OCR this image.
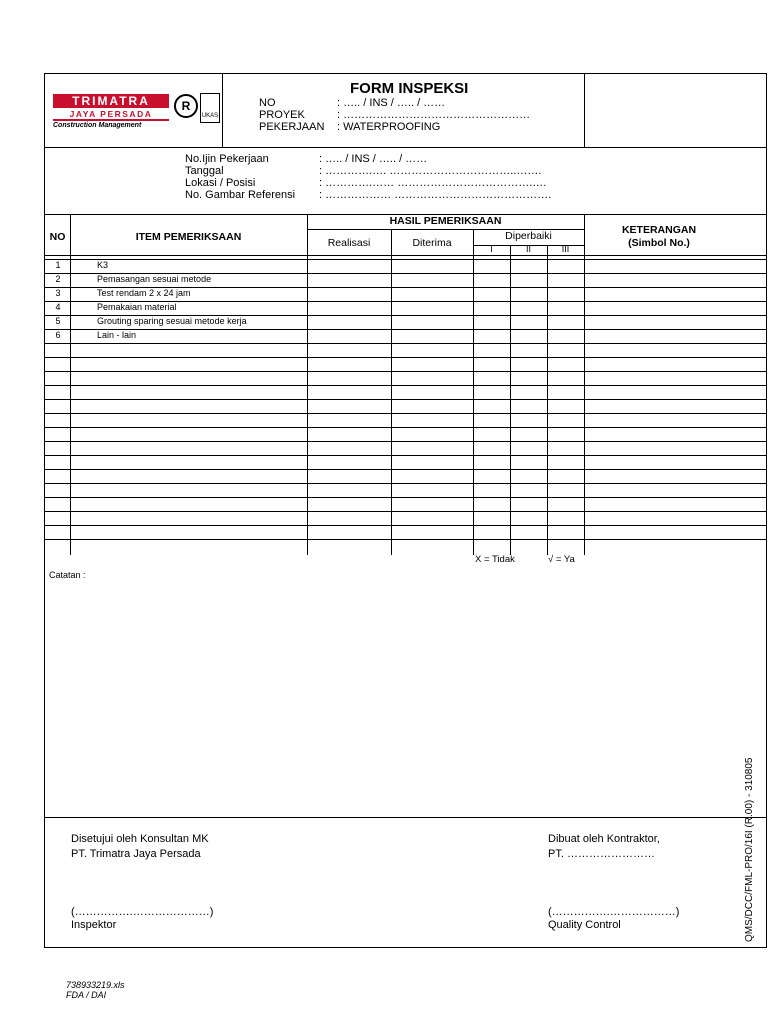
TRIMATRA
JAYA PERSADA
Construction Management
R
UKAS
FORM INSPEKSI
NO	: ….. / INS / ….. / ……
PROYEK	: ……………………………………………
PEKERJAAN : WATERPROOFING
No.Ijin Pekerjaan	: ….. / INS / ….. / ……
Tanggal	: ………….…. ……………………………..…….
Lokasi / Posisi	: ………….…… ……………………………….….
No. Gambar Referensi : ……………… …………………………………….
NO	ITEM PEMERIKSAAN
HASIL PEMERIKSAAN
Realisasi	Diterima
Diperbaiki
I	II	III
KETERANGAN
(Simbol No.)
1	K3
2	Pemasangan sesuai metode
3	Test rendam 2 x 24 jam
4	Pemakaian material
5	Grouting sparing sesuai metode kerja
6	Lain - lain
X = Tidak	√ = Ya
Catatan :
Disetujui oleh Konsultan MK
PT. Trimatra Jaya Persada
(…………….…………………)
Inspektor
Dibuat oleh Kontraktor,
PT. ……………………
(…………….………………)
Quality Control	QMS/DCC/FML-PRO/16I (R.00) - 310805
738933219.xls
FDA / DAI
